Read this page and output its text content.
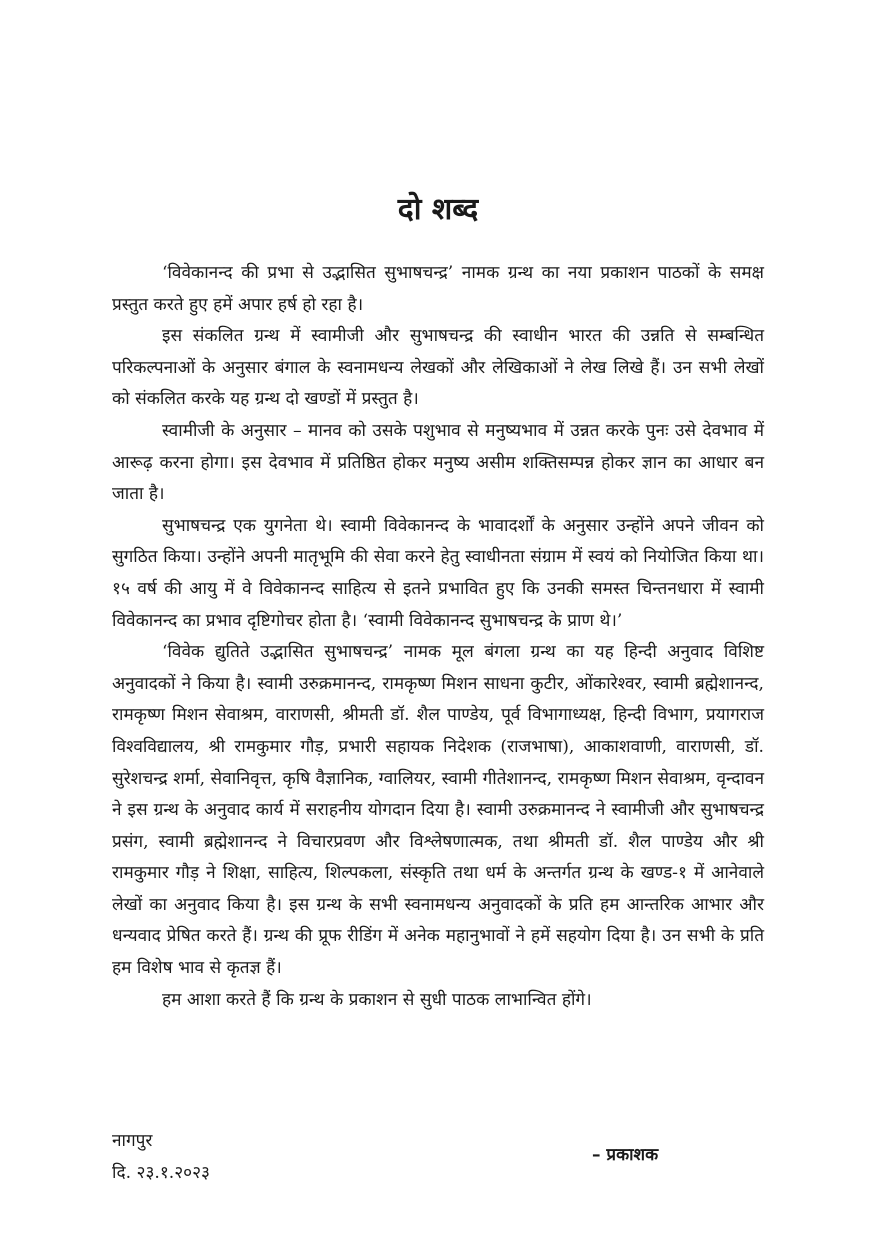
दो शब्द

‘विवेकानन्द की प्रभा से उद्भासित सुभाषचन्द्र’ नामक ग्रन्थ का नया प्रकाशन पाठकों के समक्ष प्रस्तुत करते हुए हमें अपार हर्ष हो रहा है।

इस संकलित ग्रन्थ में स्वामीजी और सुभाषचन्द्र की स्वाधीन भारत की उन्नति से सम्बन्धित परिकल्पनाओं के अनुसार बंगाल के स्वनामधन्य लेखकों और लेखिकाओं ने लेख लिखे हैं। उन सभी लेखों को संकलित करके यह ग्रन्थ दो खण्डों में प्रस्तुत है।

स्वामीजी के अनुसार – मानव को उसके पशुभाव से मनुष्यभाव में उन्नत करके पुनः उसे देवभाव में आरूढ़ करना होगा। इस देवभाव में प्रतिष्ठित होकर मनुष्य असीम शक्तिसम्पन्न होकर ज्ञान का आधार बन जाता है।

सुभाषचन्द्र एक युगनेता थे। स्वामी विवेकानन्द के भावादर्शों के अनुसार उन्होंने अपने जीवन को सुगठित किया। उन्होंने अपनी मातृभूमि की सेवा करने हेतु स्वाधीनता संग्राम में स्वयं को नियोजित किया था। १५ वर्ष की आयु में वे विवेकानन्द साहित्य से इतने प्रभावित हुए कि उनकी समस्त चिन्तनधारा में स्वामी विवेकानन्द का प्रभाव दृष्टिगोचर होता है। ‘स्वामी विवेकानन्द सुभाषचन्द्र के प्राण थे।’

‘विवेक द्युतिते उद्भासित सुभाषचन्द्र’ नामक मूल बंगला ग्रन्थ का यह हिन्दी अनुवाद विशिष्ट अनुवादकों ने किया है। स्वामी उरुक्रमानन्द, रामकृष्ण मिशन साधना कुटीर, ओंकारेश्वर, स्वामी ब्रह्मेशानन्द, रामकृष्ण मिशन सेवाश्रम, वाराणसी, श्रीमती डॉ. शैल पाण्डेय, पूर्व विभागाध्यक्ष, हिन्दी विभाग, प्रयागराज विश्वविद्यालय, श्री रामकुमार गौड़, प्रभारी सहायक निदेशक (राजभाषा), आकाशवाणी, वाराणसी, डॉ. सुरेशचन्द्र शर्मा, सेवानिवृत्त, कृषि वैज्ञानिक, ग्वालियर, स्वामी गीतेशानन्द, रामकृष्ण मिशन सेवाश्रम, वृन्दावन ने इस ग्रन्थ के अनुवाद कार्य में सराहनीय योगदान दिया है। स्वामी उरुक्रमानन्द ने स्वामीजी और सुभाषचन्द्र प्रसंग, स्वामी ब्रह्मेशानन्द ने विचारप्रवण और विश्लेषणात्मक, तथा श्रीमती डॉ. शैल पाण्डेय और श्री रामकुमार गौड़ ने शिक्षा, साहित्य, शिल्पकला, संस्कृति तथा धर्म के अन्तर्गत ग्रन्थ के खण्ड-१ में आनेवाले लेखों का अनुवाद किया है। इस ग्रन्थ के सभी स्वनामधन्य अनुवादकों के प्रति हम आन्तरिक आभार और धन्यवाद प्रेषित करते हैं। ग्रन्थ की प्रूफ रीडिंग में अनेक महानुभावों ने हमें सहयोग दिया है। उन सभी के प्रति हम विशेष भाव से कृतज्ञ हैं।

हम आशा करते हैं कि ग्रन्थ के प्रकाशन से सुधी पाठक लाभान्वित होंगे।

नागपुर

दि. २३.१.२०२३

– प्रकाशक
